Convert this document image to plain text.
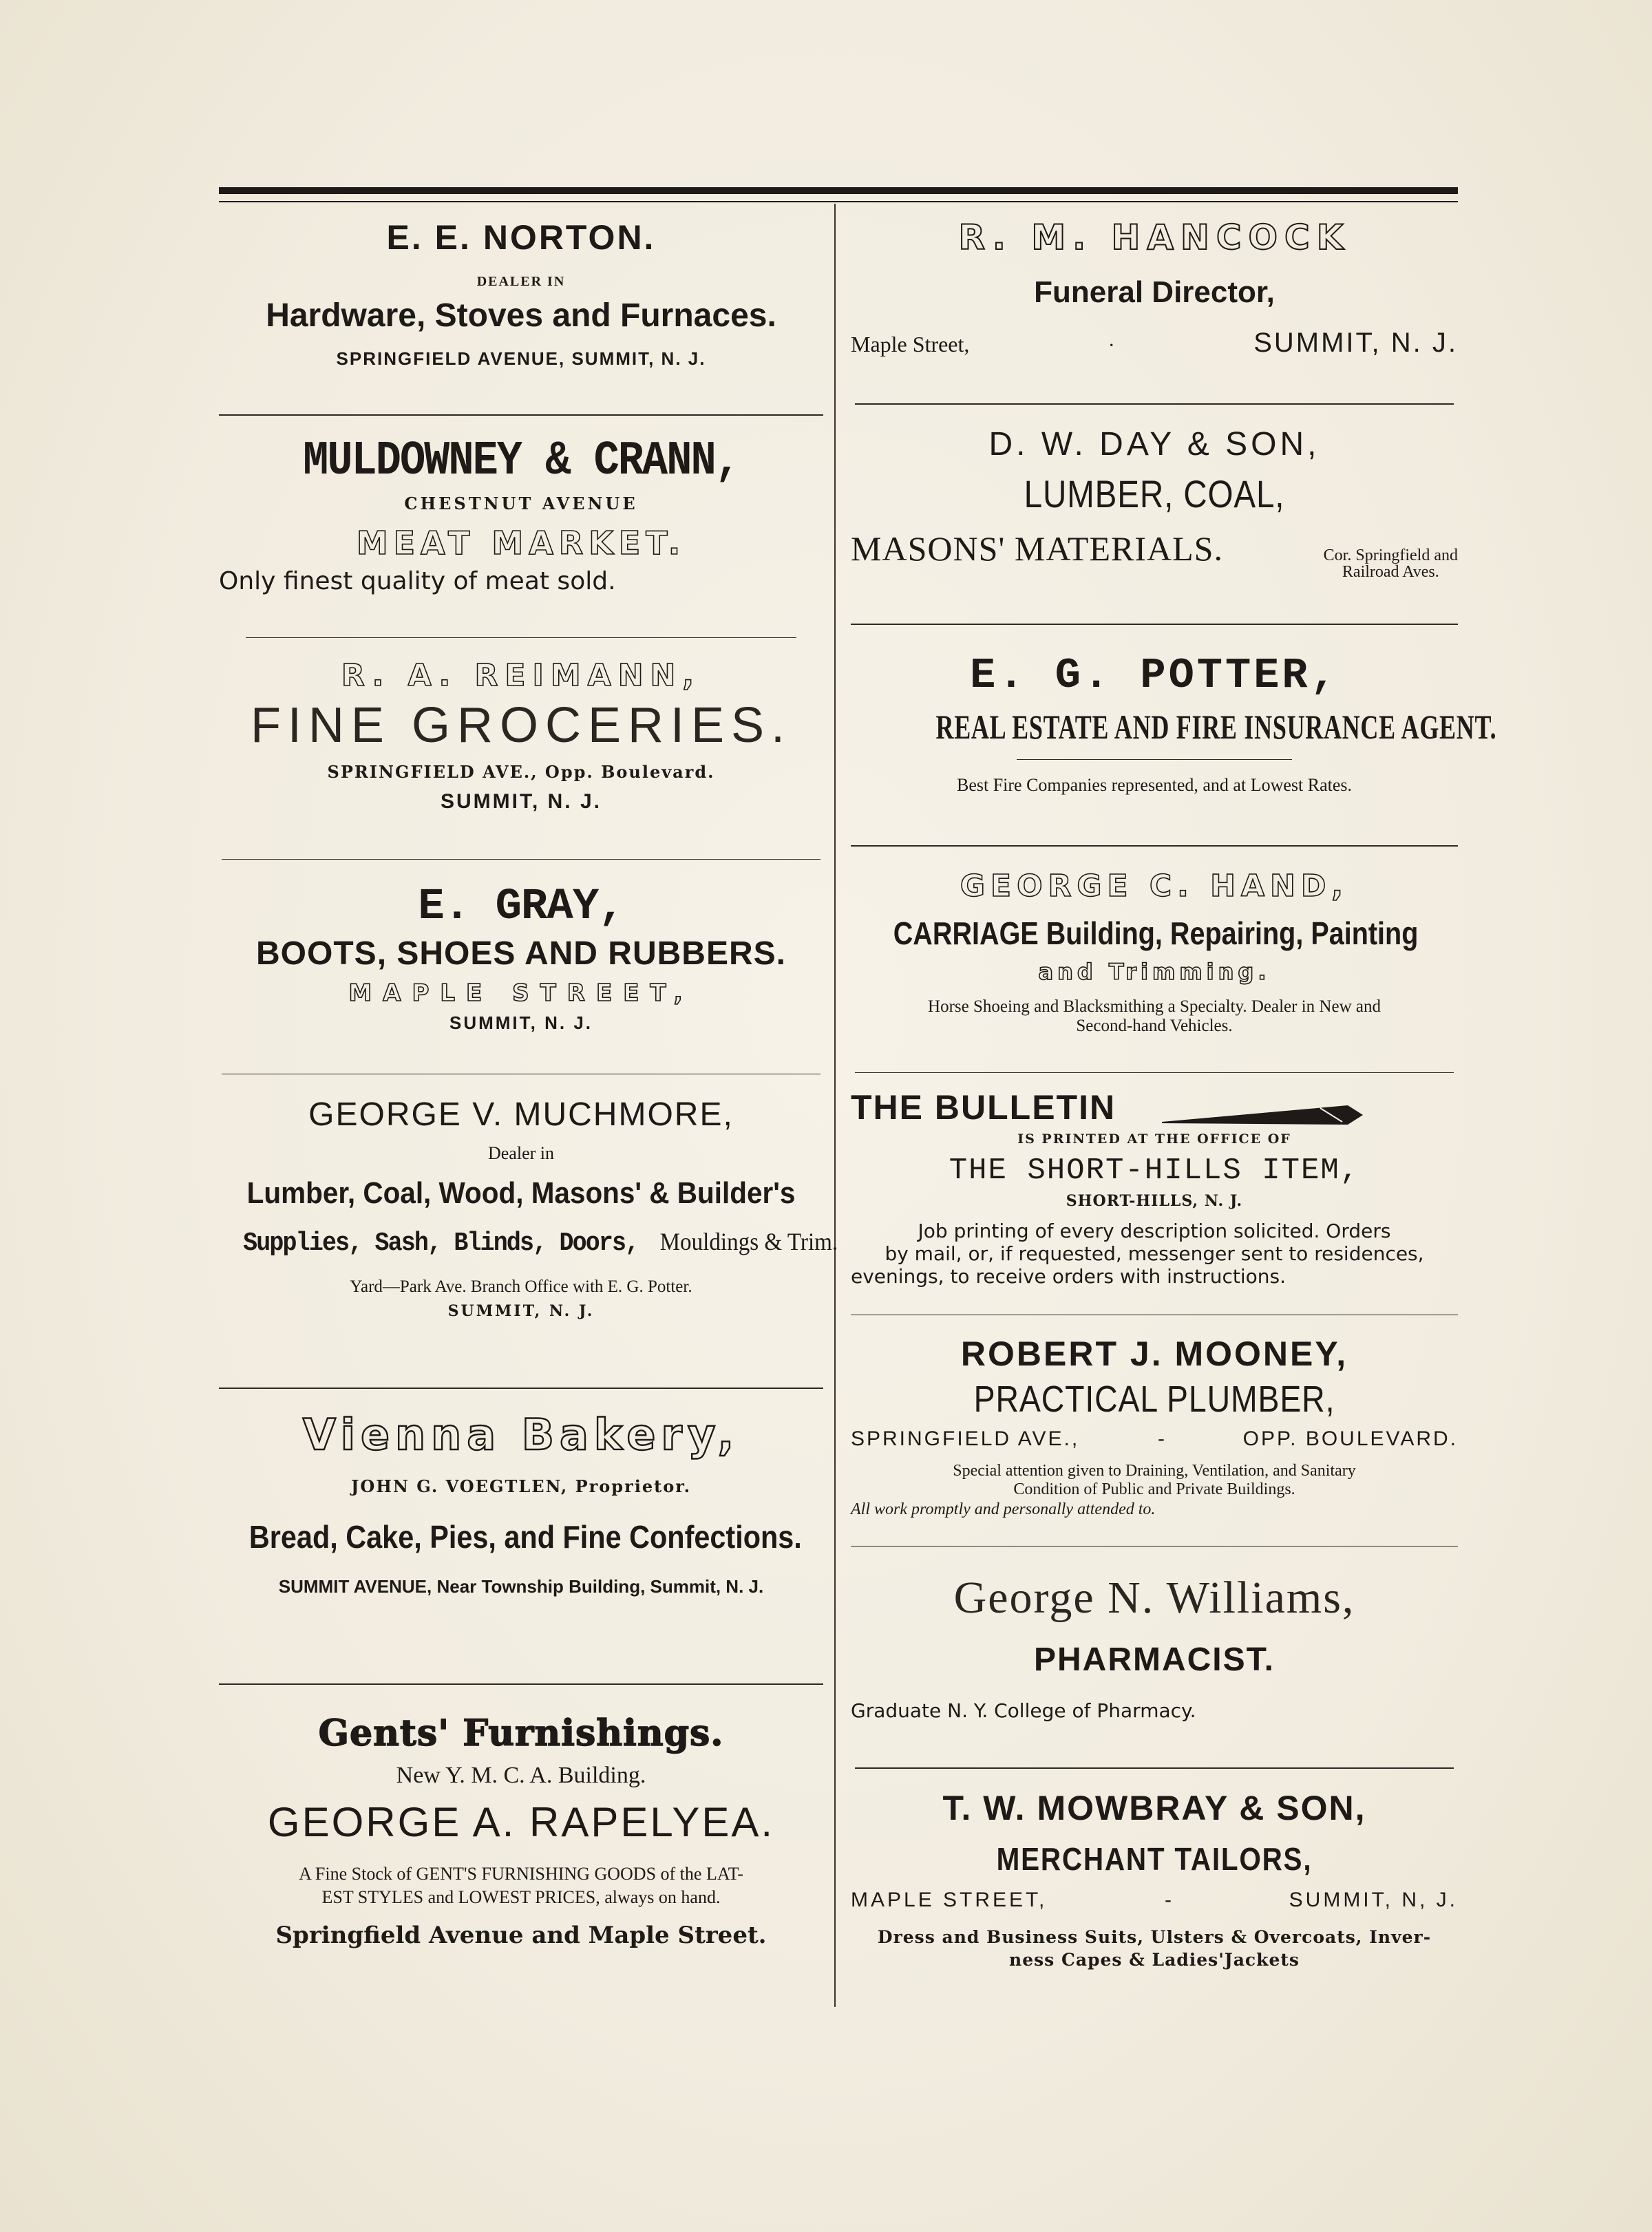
E. E. NORTON.
DEALER IN
Hardware, Stoves and Furnaces.
SPRINGFIELD AVENUE, SUMMIT, N. J.
MULDOWNEY & CRANN,
CHESTNUT AVENUE
MEAT MARKET.
Only finest quality of meat sold.
R. A. REIMANN,
FINE GROCERIES.
SPRINGFIELD AVE., Opp. Boulevard.
SUMMIT, N. J.
E. GRAY,
BOOTS, SHOES AND RUBBERS.
MAPLE STREET,
SUMMIT, N. J.
GEORGE V. MUCHMORE,
Dealer in
Lumber, Coal, Wood, Masons' & Builder's
Supplies, Sash, Blinds, Doors, Mouldings & Trim.
Yard—Park Ave. Branch Office with E. G. Potter.
SUMMIT, N. J.
Vienna Bakery,
JOHN G. VOEGTLEN, Proprietor.
Bread, Cake, Pies, and Fine Confections.
SUMMIT AVENUE, Near Township Building, Summit, N. J.
Gents' Furnishings.
New Y. M. C. A. Building.
GEORGE A. RAPELYEA.
A Fine Stock of GENT'S FURNISHING GOODS of the LAT-
EST STYLES and LOWEST PRICES, always on hand.
Springfield Avenue and Maple Street.
R. M. HANCOCK
Funeral Director,
Maple Street,	·	SUMMIT, N. J.
D. W. DAY & SON,
LUMBER, COAL,
MASONS' MATERIALS.	Cor. Springfield and
Railroad Aves.
E. G. POTTER,
REAL ESTATE AND FIRE INSURANCE AGENT.
Best Fire Companies represented, and at Lowest Rates.
GEORGE C. HAND,
CARRIAGE Building, Repairing, Painting
and Trimming.
Horse Shoeing and Blacksmithing a Specialty. Dealer in New and
Second-hand Vehicles.
THE BULLETIN
IS PRINTED AT THE OFFICE OF
THE SHORT-HILLS ITEM,
SHORT-HILLS, N. J.
Job printing of every description solicited. Orders
by mail, or, if requested, messenger sent to residences,
evenings, to receive orders with instructions.
ROBERT J. MOONEY,
PRACTICAL PLUMBER,
SPRINGFIELD AVE.,	-	OPP. BOULEVARD.
Special attention given to Draining, Ventilation, and Sanitary
Condition of Public and Private Buildings.
All work promptly and personally attended to.
George N. Williams,
PHARMACIST.
Graduate N. Y. College of Pharmacy.
T. W. MOWBRAY & SON,
MERCHANT TAILORS,
MAPLE STREET,	-	SUMMIT, N, J.
Dress and Business Suits, Ulsters & Overcoats, Inver-
ness Capes & Ladies'Jackets
